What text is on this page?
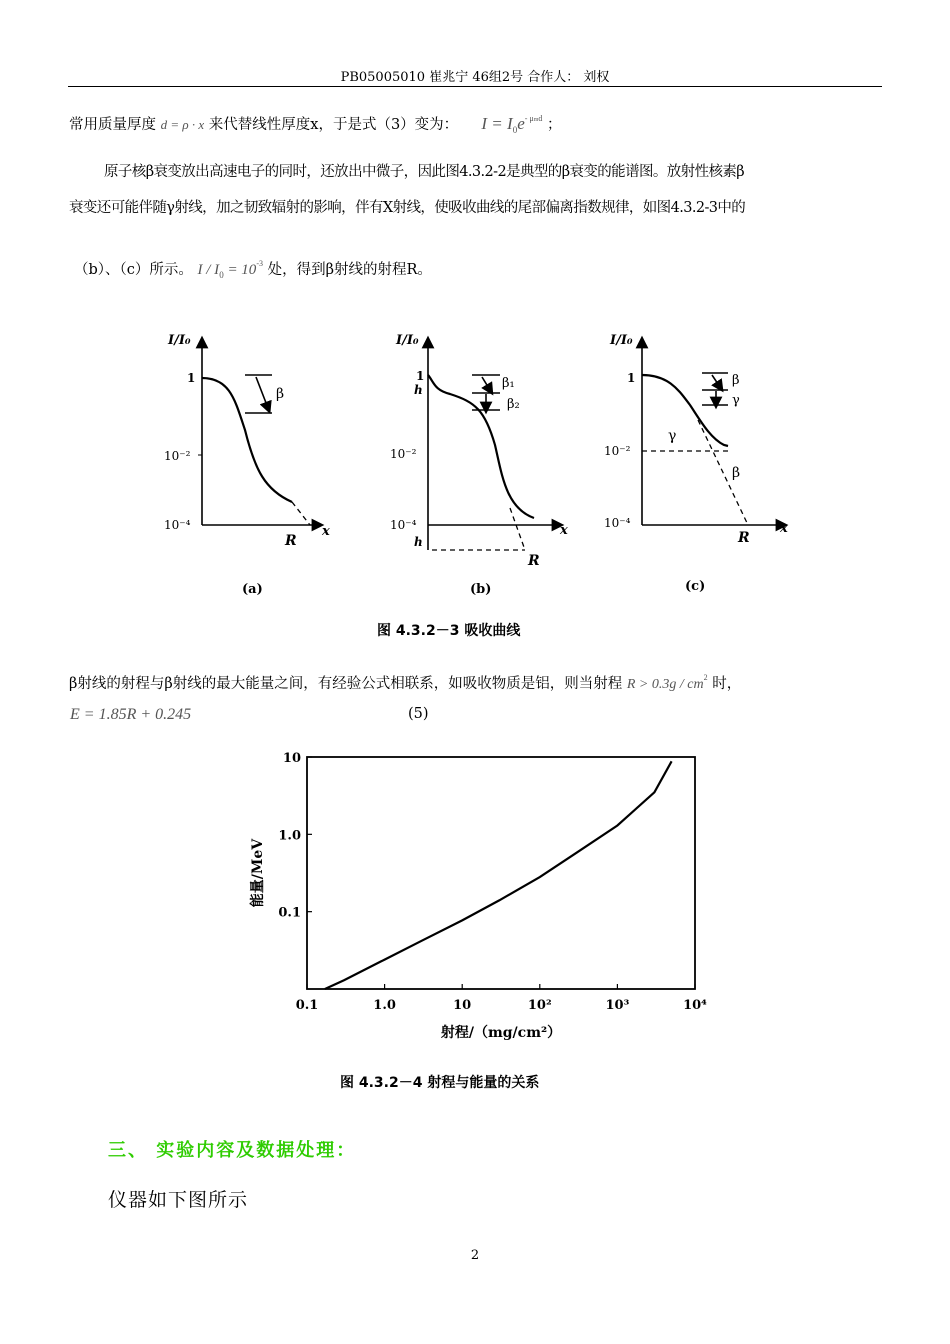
PB05005010 崔兆宁 46组2号 合作人： 刘权
常用质量厚度 d = ρ · x 来代替线性厚度x，于是式（3）变为： $I = I_0e^{- \mu md}$ ；
原子核β衰变放出高速电子的同时，还放出中微子，因此图4.3.2-2是典型的β衰变的能谱图。放射性核素β
衰变还可能伴随γ射线，加之韧致辐射的影响，伴有X射线，使吸收曲线的尾部偏离指数规律，如图4.3.2-3中的
（b）、（c）所示。 $I / I_0 = 10^{-3}$ 处，得到β射线的射程R。
I/I₀
1
10⁻²
10⁻⁴
R
x
β
(a)
I/I₀
1
h
10⁻²
10⁻⁴
h
R
x
β₁
β₂
(b)
I/I₀
1
10⁻²
10⁻⁴
R
x
γ
β
β
γ
(c)
图 4.3.2－3 吸收曲线
β射线的射程与β射线的最大能量之间，有经验公式相联系，如吸收物质是铝，则当射程 $R > 0.3g / cm^2$ 时，
E = 1.85R + 0.245	(5)
0.1	1.0	10	10²	10³	10⁴
0.1
1.0
10
射程/（mg/cm²）
能量/MeV
图 4.3.2－4 射程与能量的关系
三、 实验内容及数据处理：
仪器如下图所示
2
